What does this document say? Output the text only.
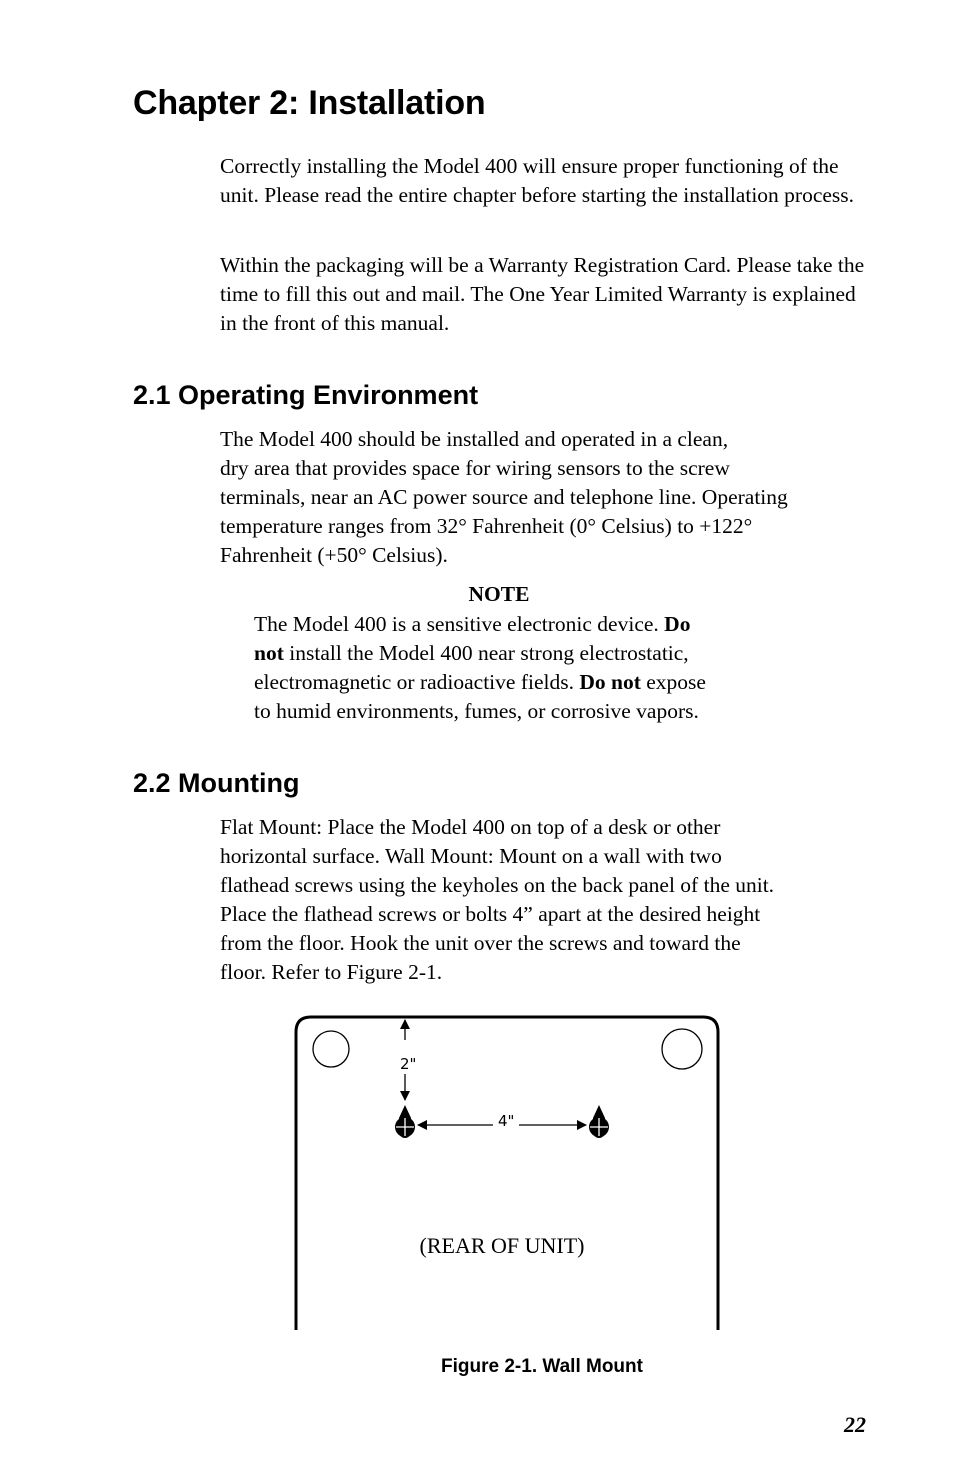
Chapter 2: Installation

Correctly installing the Model 400 will ensure proper functioning of the unit. Please read the entire chapter before starting the installation process.

Within the packaging will be a Warranty Registration Card. Please take the time to fill this out and mail. The One Year Limited Warranty is explained in the front of this manual.

2.1 Operating Environment
The Model 400 should be installed and operated in a clean,
dry area that provides space for wiring sensors to the screw
terminals, near an AC power source and telephone line. Operating
temperature ranges from 32° Fahrenheit (0° Celsius) to +122°
Fahrenheit (+50° Celsius).

NOTE

The Model 400 is a sensitive electronic device. Do
not install the Model 400 near strong electrostatic,
electromagnetic or radioactive fields. Do not expose
to humid environments, fumes, or corrosive vapors.
2.2 Mounting
Flat Mount: Place the Model 400 on top of a desk or other
horizontal surface. Wall Mount: Mount on a wall with two
flathead screws using the keyholes on the back panel of the unit.
Place the flathead screws or bolts 4” apart at the desired height
from the floor. Hook the unit over the screws and toward the
floor. Refer to Figure 2-1.
2"
4"
(REAR OF UNIT)

Figure 2-1. Wall Mount

22
